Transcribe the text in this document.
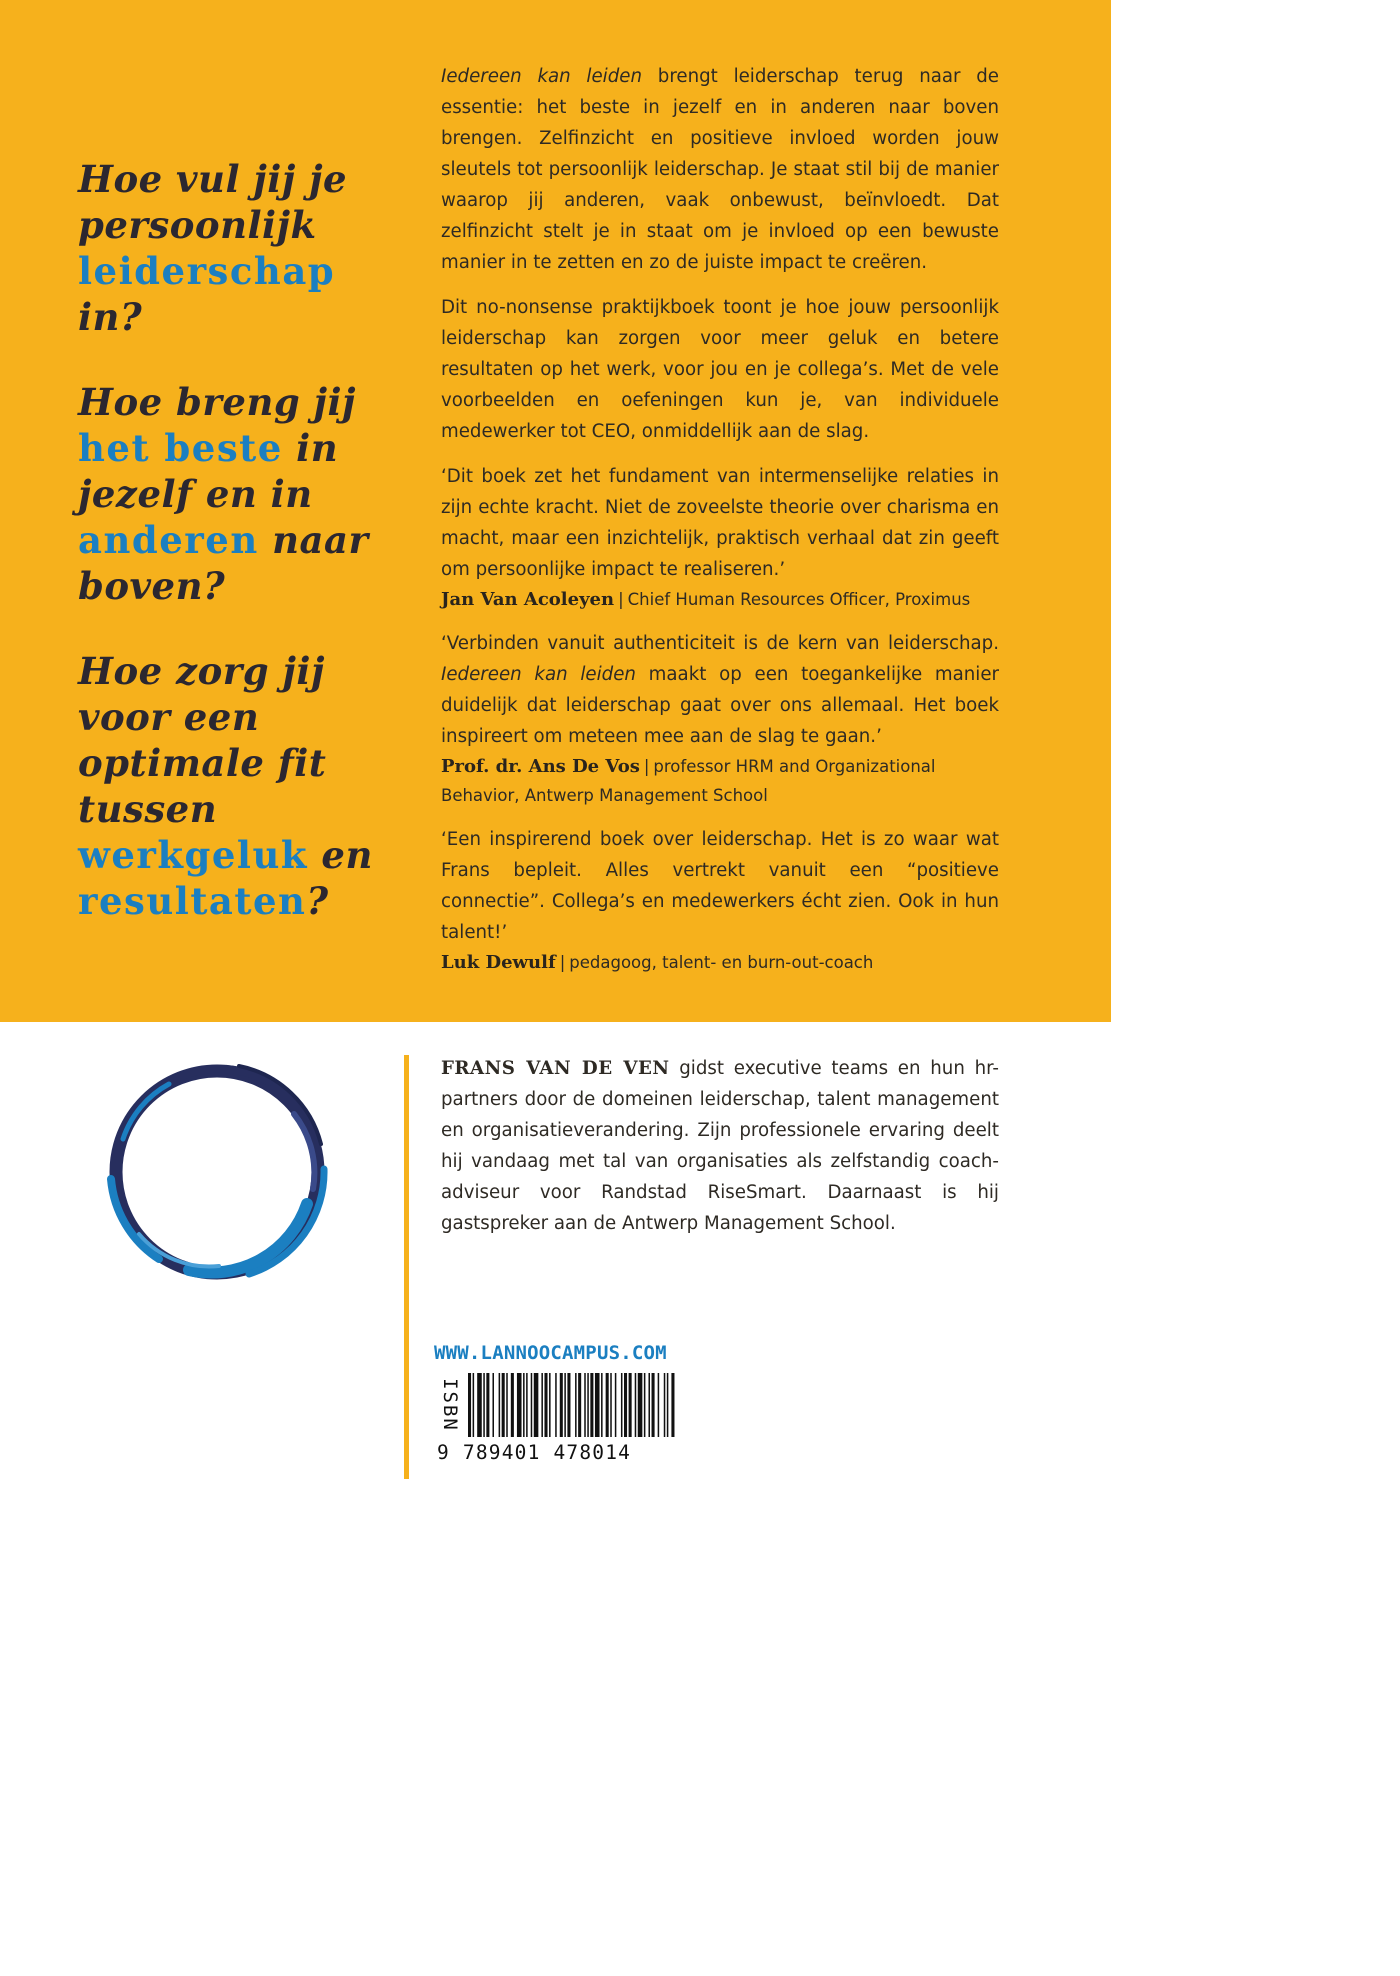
Hoe vul jij je persoonlijk leiderschap in?

Hoe breng jij het beste in jezelf en in anderen naar boven?

Hoe zorg jij voor een optimale fit tussen werkgeluk en resultaten?

Iedereen kan leiden brengt leiderschap terug naar de essentie: het beste in jezelf en in anderen naar boven brengen. Zelfinzicht en positieve invloed worden jouw sleutels tot persoonlijk leiderschap. Je staat stil bij de manier waarop jij anderen, vaak onbewust, beïnvloedt. Dat zelfinzicht stelt je in staat om je invloed op een bewuste manier in te zetten en zo de juiste impact te creëren.

Dit no-nonsense praktijkboek toont je hoe jouw persoonlijk leiderschap kan zorgen voor meer geluk en betere resultaten op het werk, voor jou en je collega’s. Met de vele voorbeelden en oefeningen kun je, van individuele medewerker tot CEO, onmiddellijk aan de slag.

‘Dit boek zet het fundament van intermenselijke relaties in zijn echte kracht. Niet de zoveelste theorie over charisma en macht, maar een inzichtelijk, praktisch verhaal dat zin geeft om persoonlijke impact te realiseren.’

Jan Van Acoleyen | Chief Human Resources Officer, Proximus

‘Verbinden vanuit authenticiteit is de kern van leiderschap. Iedereen kan leiden maakt op een toegankelijke manier duidelijk dat leiderschap gaat over ons allemaal. Het boek inspireert om meteen mee aan de slag te gaan.’

Prof. dr. Ans De Vos | professor HRM and Organizational Behavior, Antwerp Management School

‘Een inspirerend boek over leiderschap. Het is zo waar wat Frans bepleit. Alles vertrekt vanuit een “positieve connectie”. Collega’s en medewerkers écht zien. Ook in hun talent!’

Luk Dewulf | pedagoog, talent- en burn-out-coach

FRANS VAN DE VEN gidst executive teams en hun hr-partners door de domeinen leiderschap, talent management en organisatieverandering. Zijn professionele ervaring deelt hij vandaag met tal van organisaties als zelfstandig coach-adviseur voor Randstad RiseSmart. Daarnaast is hij gastspreker aan de Antwerp Management School.

WWW.LANNOOCAMPUS.COM
ISBN
9 789401 478014
